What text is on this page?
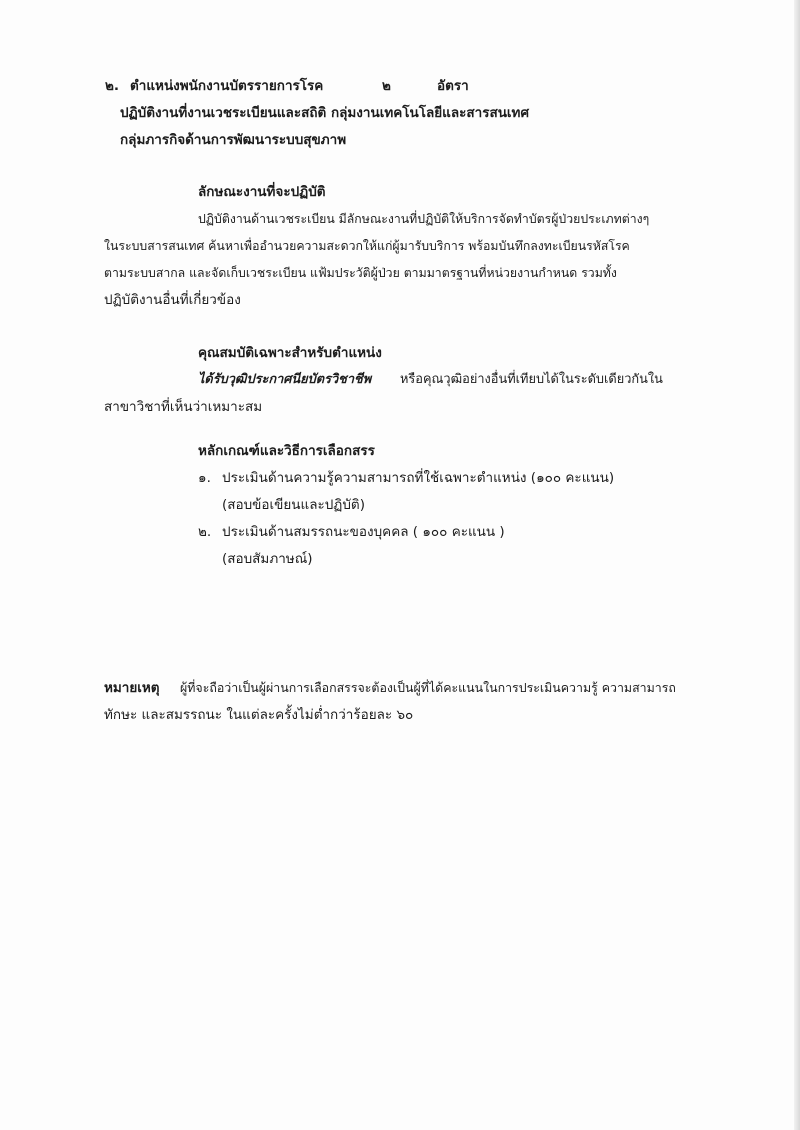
๒. ตำแหน่งพนักงานบัตรรายการโรค	๒	อัตรา
ปฏิบัติงานที่งานเวชระเบียนและสถิติ กลุ่มงานเทคโนโลยีและสารสนเทศ
กลุ่มภารกิจด้านการพัฒนาระบบสุขภาพ
ลักษณะงานที่จะปฏิบัติ
ปฏิบัติงานด้านเวชระเบียน มีลักษณะงานที่ปฏิบัติให้บริการจัดทำบัตรผู้ป่วยประเภทต่างๆ
ในระบบสารสนเทศ ค้นหาเพื่ออำนวยความสะดวกให้แก่ผู้มารับบริการ พร้อมบันทึกลงทะเบียนรหัสโรค
ตามระบบสากล และจัดเก็บเวชระเบียน แฟ้มประวัติผู้ป่วย ตามมาตรฐานที่หน่วยงานกำหนด รวมทั้ง
ปฏิบัติงานอื่นที่เกี่ยวข้อง
คุณสมบัติเฉพาะสำหรับตำแหน่ง
ได้รับวุฒิประกาศนียบัตรวิชาชีพ หรือคุณวุฒิอย่างอื่นที่เทียบได้ในระดับเดียวกันใน
สาขาวิชาที่เห็นว่าเหมาะสม
หลักเกณฑ์และวิธีการเลือกสรร
๑. ประเมินด้านความรู้ความสามารถที่ใช้เฉพาะตำแหน่ง (๑๐๐ คะแนน)
(สอบข้อเขียนและปฏิบัติ)
๒. ประเมินด้านสมรรถนะของบุคคล ( ๑๐๐ คะแนน )
(สอบสัมภาษณ์)
หมายเหตุ ผู้ที่จะถือว่าเป็นผู้ผ่านการเลือกสรรจะต้องเป็นผู้ที่ได้คะแนนในการประเมินความรู้ ความสามารถ
ทักษะ และสมรรถนะ ในแต่ละครั้งไม่ต่ำกว่าร้อยละ ๖๐
